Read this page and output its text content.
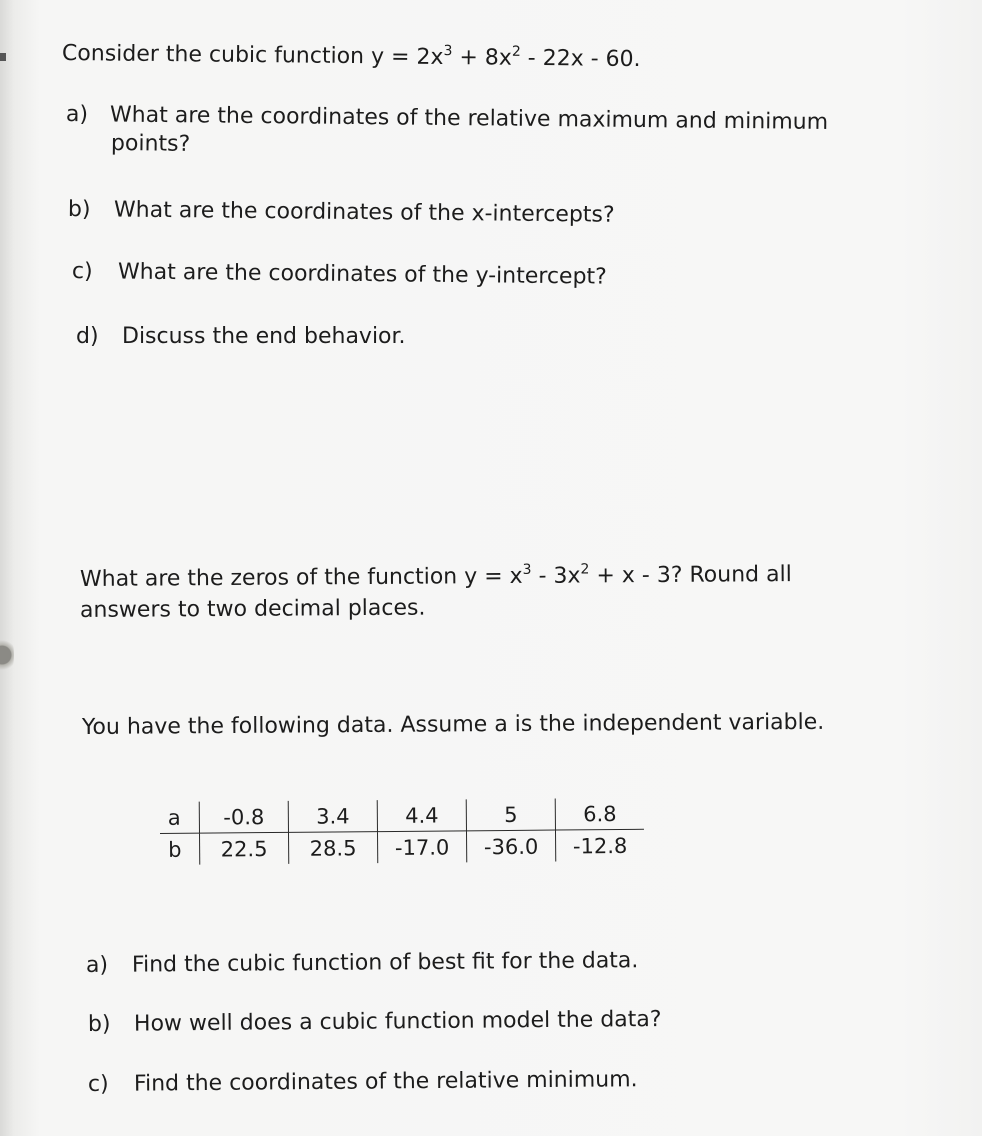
Consider the cubic function $y = 2x^3 + 8x^2 - 22x - 60$.
a) What are the coordinates of the relative maximum and minimum
points?
b) What are the coordinates of the x-intercepts?
c) What are the coordinates of the y-intercept?
d) Discuss the end behavior.
What are the zeros of the function $y = x^3 - 3x^2 + x - 3$? Round all
answers to two decimal places.
You have the following data. Assume a is the independent variable.
a	-0.8	3.4	4.4	5	6.8
b	22.5	28.5	-17.0	-36.0	-12.8
a) Find the cubic function of best fit for the data.
b) How well does a cubic function model the data?
c) Find the coordinates of the relative minimum.
